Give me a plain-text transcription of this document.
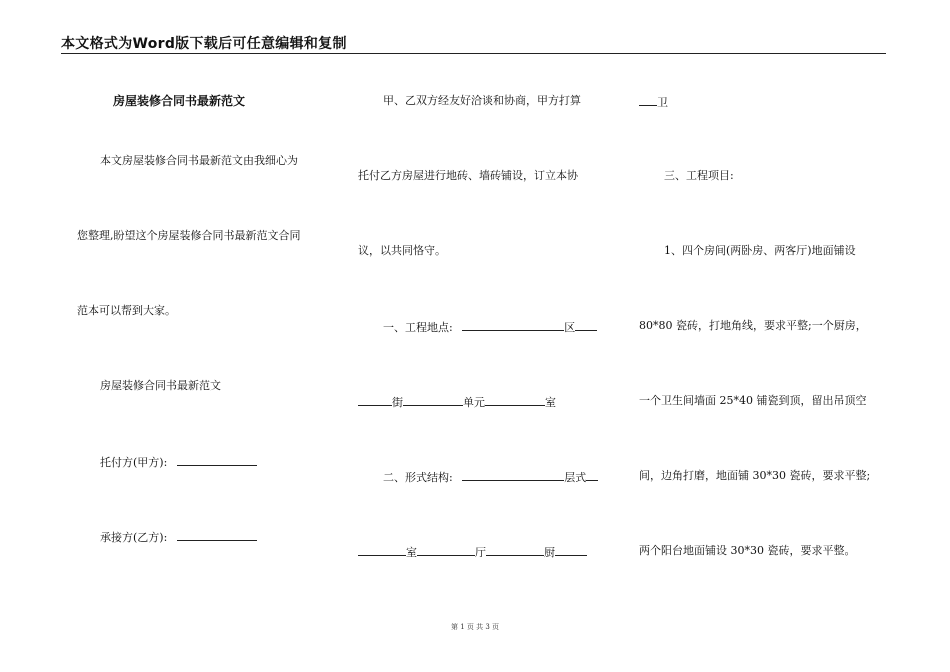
本文格式为Word版下载后可任意编辑和复制
房屋装修合同书最新范文
本文房屋装修合同书最新范文由我细心为
您整理,盼望这个房屋装修合同书最新范文合同
范本可以帮到大家。
房屋装修合同书最新范文
托付方(甲方):
承接方(乙方):
甲、乙双方经友好洽谈和协商，甲方打算
托付乙方房屋进行地砖、墙砖铺设，订立本协
议，以共同恪守。
一、工程地点:	区
街	单元	室
二、形式结构:	层式
室	厅	厨
卫
三、工程项目:
1、四个房间(两卧房、两客厅)地面铺设
80*80 瓷砖，打地角线，要求平整;一个厨房，
一个卫生间墙面 25*40 铺瓷到顶，留出吊顶空
间，边角打磨，地面铺 30*30 瓷砖，要求平整;
两个阳台地面铺设 30*30 瓷砖，要求平整。
第 1 页 共 3 页
